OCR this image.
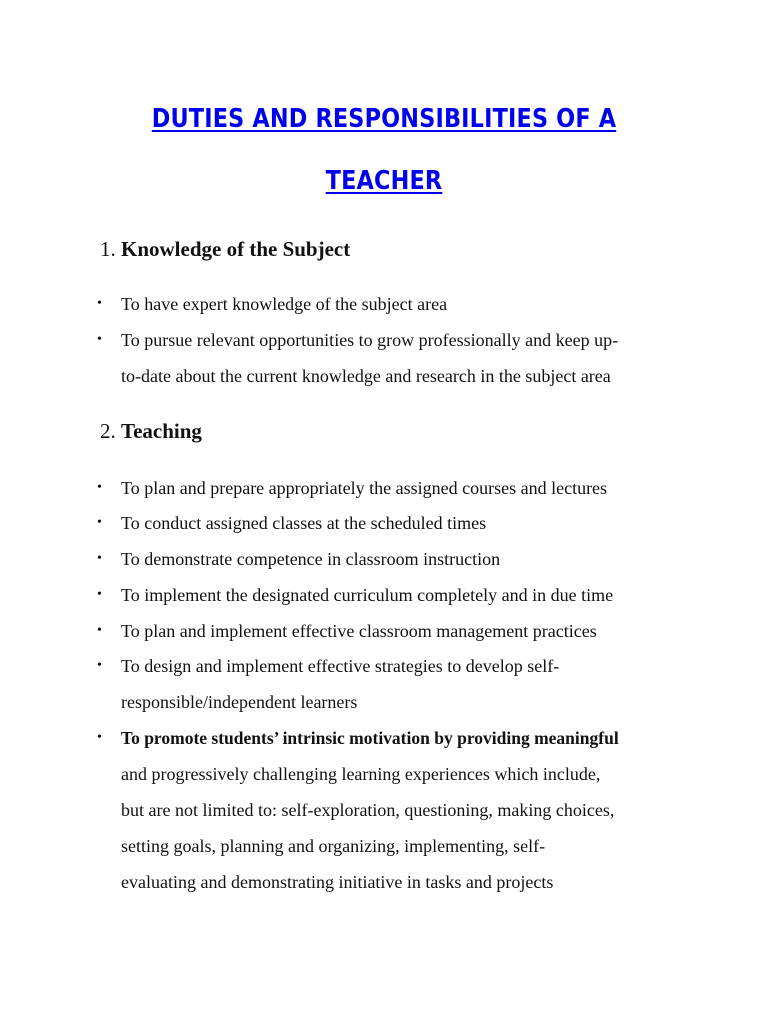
DUTIES AND RESPONSIBILITIES OF A
TEACHER
1. Knowledge of the Subject
• To have expert knowledge of the subject area
• To pursue relevant opportunities to grow professionally and keep up-
to-date about the current knowledge and research in the subject area
2. Teaching
• To plan and prepare appropriately the assigned courses and lectures
• To conduct assigned classes at the scheduled times
• To demonstrate competence in classroom instruction
• To implement the designated curriculum completely and in due time
• To plan and implement effective classroom management practices
• To design and implement effective strategies to develop self-
responsible/independent learners
• To promote students’ intrinsic motivation by providing meaningful
and progressively challenging learning experiences which include,
but are not limited to: self-exploration, questioning, making choices,
setting goals, planning and organizing, implementing, self-
evaluating and demonstrating initiative in tasks and projects
